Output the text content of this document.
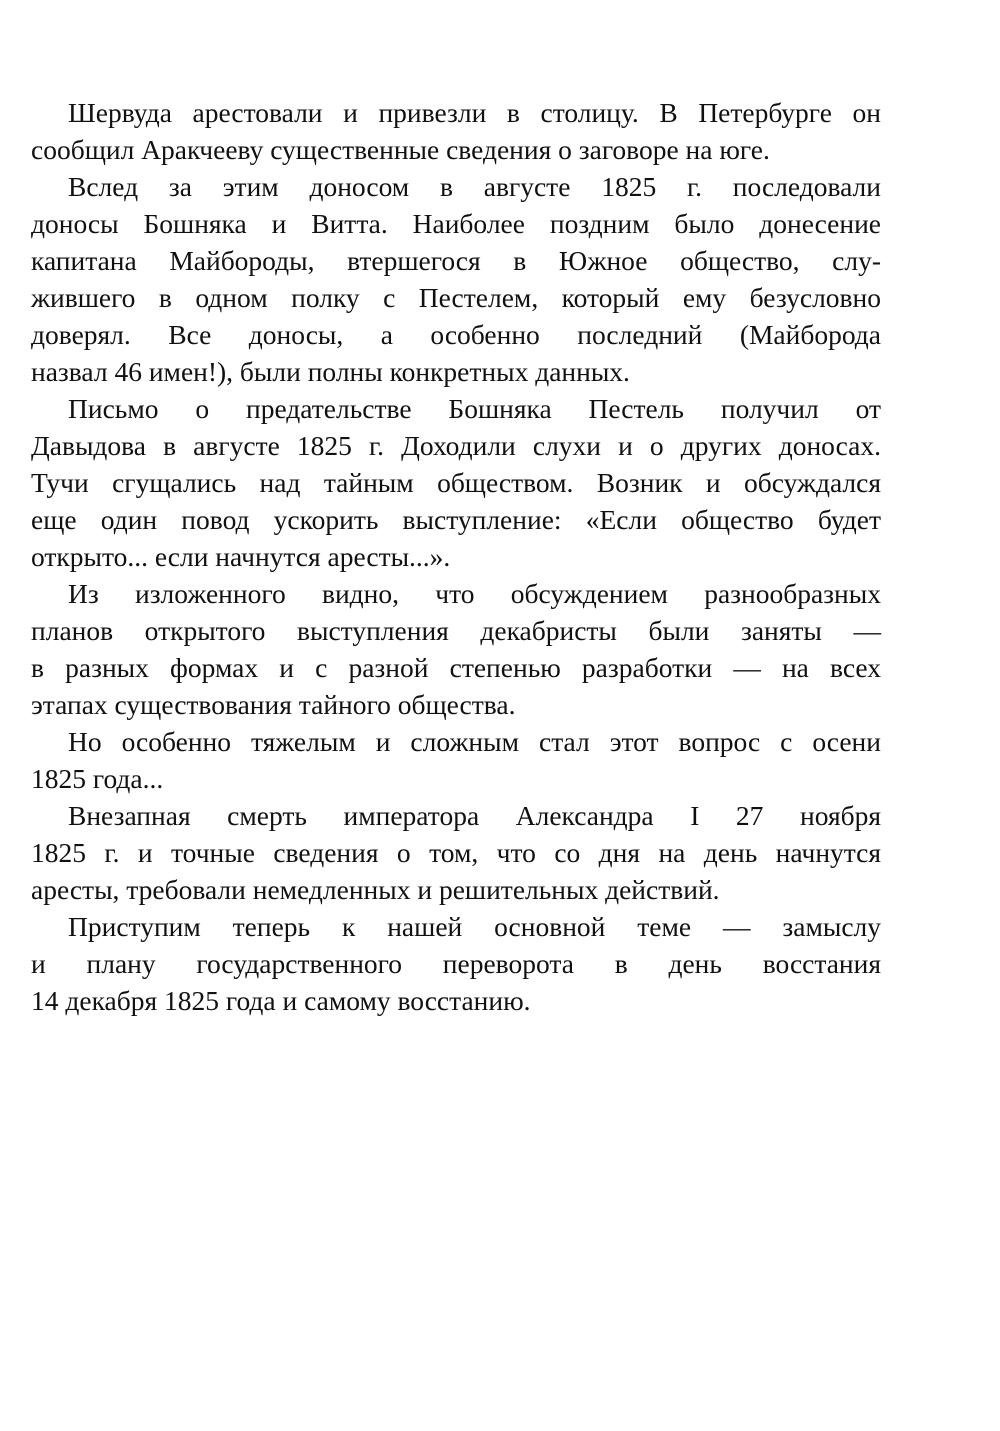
Шервуда арестовали и привезли в столицу. В Петербурге он
сообщил Аракчееву существенные сведения о заговоре на юге.
Вслед за этим доносом в августе 1825 г. последовали
доносы Бошняка и Витта. Наиболее поздним было донесение
капитана Майбороды, втершегося в Южное общество, слу-
жившего в одном полку с Пестелем, который ему безусловно
доверял. Все доносы, а особенно последний (Майборода
назвал 46 имен!), были полны конкретных данных.
Письмо о предательстве Бошняка Пестель получил от
Давыдова в августе 1825 г. Доходили слухи и о других доносах.
Тучи сгущались над тайным обществом. Возник и обсуждался
еще один повод ускорить выступление: «Если общество будет
открыто... если начнутся аресты...».
Из изложенного видно, что обсуждением разнообразных
планов открытого выступления декабристы были заняты —
в разных формах и с разной степенью разработки — на всех
этапах существования тайного общества.
Но особенно тяжелым и сложным стал этот вопрос с осени
1825 года...
Внезапная смерть императора Александра I 27 ноября
1825 г. и точные сведения о том, что со дня на день начнутся
аресты, требовали немедленных и решительных действий.
Приступим теперь к нашей основной теме — замыслу
и плану государственного переворота в день восстания
14 декабря 1825 года и самому восстанию.
